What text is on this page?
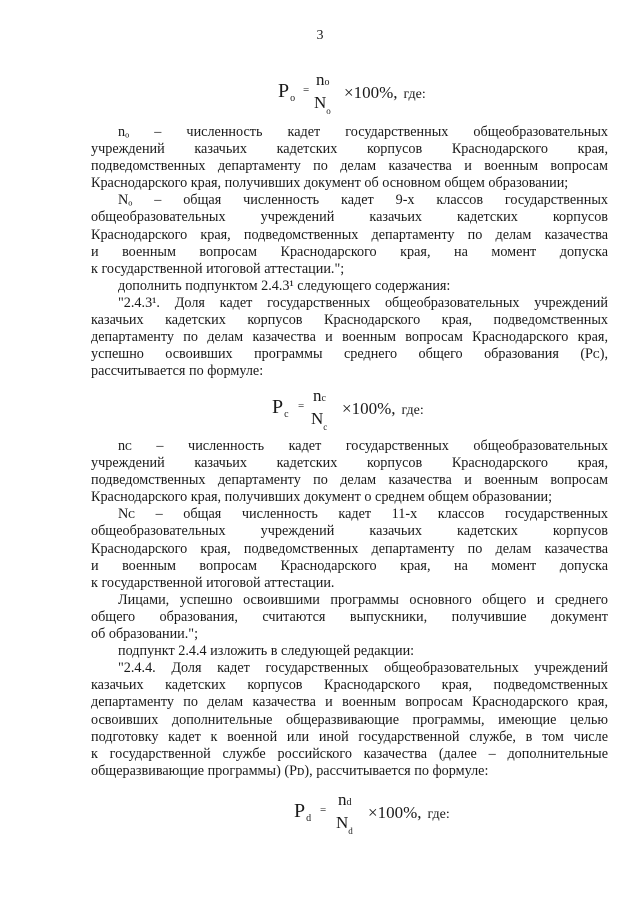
3
$P_о$
=
nо
$N_о$
×100%, где:

nₒ – численность кадет государственных общеобразовательных

учреждений казачьих кадетских корпусов Краснодарского края,

подведомственных департаменту по делам казачества и военным вопросам

Краснодарского края, получивших документ об основном общем образовании;

Nₒ – общая численность кадет 9-х классов государственных

общеобразовательных учреждений казачьих кадетских корпусов

Краснодарского края, подведомственных департаменту по делам казачества

и военным вопросам Краснодарского края, на момент допуска

к государственной итоговой аттестации.";

дополнить подпунктом 2.4.3¹ следующего содержания:

"2.4.3¹. Доля кадет государственных общеобразовательных учреждений

казачьих кадетских корпусов Краснодарского края, подведомственных

департаменту по делам казачества и военным вопросам Краснодарского края,

успешно освоивших программы среднего общего образования (Pᴄ),

рассчитывается по формуле:

$P_с$
=
nс
$N_с$
×100%, где:

nᴄ – численность кадет государственных общеобразовательных

учреждений казачьих кадетских корпусов Краснодарского края,

подведомственных департаменту по делам казачества и военным вопросам

Краснодарского края, получивших документ о среднем общем образовании;

Nᴄ – общая численность кадет 11-х классов государственных

общеобразовательных учреждений казачьих кадетских корпусов

Краснодарского края, подведомственных департаменту по делам казачества

и военным вопросам Краснодарского края, на момент допуска

к государственной итоговой аттестации.

Лицами, успешно освоившими программы основного общего и среднего

общего образования, считаются выпускники, получившие документ

об образовании.";

подпункт 2.4.4 изложить в следующей редакции:

"2.4.4. Доля кадет государственных общеобразовательных учреждений

казачьих кадетских корпусов Краснодарского края, подведомственных

департаменту по делам казачества и военным вопросам Краснодарского края,

освоивших дополнительные общеразвивающие программы, имеющие целью

подготовку кадет к военной или иной государственной службе, в том числе

к государственной службе российского казачества (далее – дополнительные

общеразвивающие программы) (Pᴅ), рассчитывается по формуле:

$P_d$
=
nd
$N_d$
×100%, где:
